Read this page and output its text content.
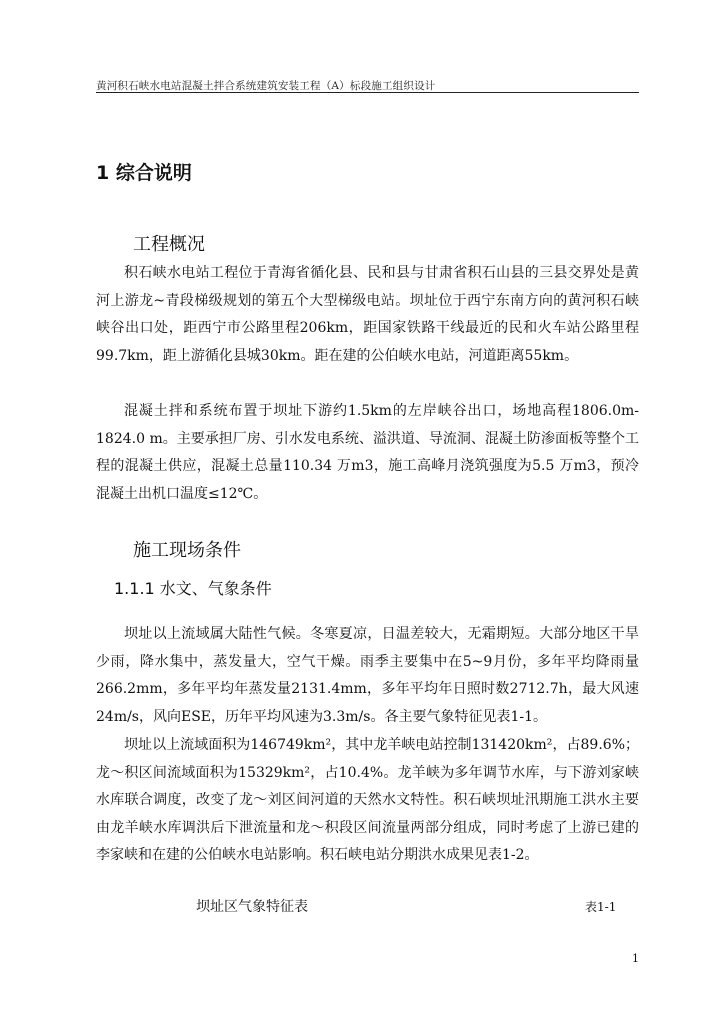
黄河积石峡水电站混凝土拌合系统建筑安装工程（A）标段施工组织设计
1 综合说明
工程概况

积石峡水电站工程位于青海省循化县、民和县与甘肃省积石山县的三县交界处是黄河上游龙~青段梯级规划的第五个大型梯级电站。坝址位于西宁东南方向的黄河积石峡峡谷出口处，距西宁市公路里程206km，距国家铁路干线最近的民和火车站公路里程99.7km，距上游循化县城30km。距在建的公伯峡水电站，河道距离55km。

混凝土拌和系统布置于坝址下游约1.5km的左岸峡谷出口，场地高程1806.0m-1824.0 m。主要承担厂房、引水发电系统、溢洪道、导流洞、混凝土防渗面板等整个工程的混凝土供应，混凝土总量110.34 万m3，施工高峰月浇筑强度为5.5 万m3，预冷混凝土出机口温度≤12℃。

施工现场条件
1.1.1 水文、气象条件

坝址以上流域属大陆性气候。冬寒夏凉，日温差较大，无霜期短。大部分地区干旱少雨，降水集中，蒸发量大，空气干燥。雨季主要集中在5~9月份，多年平均降雨量266.2mm，多年平均年蒸发量2131.4mm，多年平均年日照时数2712.7h，最大风速24m/s，风向ESE，历年平均风速为3.3m/s。各主要气象特征见表1-1。

坝址以上流域面积为146749km²，其中龙羊峡电站控制131420km²，占89.6%；龙～积区间流域面积为15329km²，占10.4%。龙羊峡为多年调节水库，与下游刘家峡水库联合调度，改变了龙～刘区间河道的天然水文特性。积石峡坝址汛期施工洪水主要由龙羊峡水库调洪后下泄流量和龙～积段区间流量两部分组成，同时考虑了上游已建的李家峡和在建的公伯峡水电站影响。积石峡电站分期洪水成果见表1-2。

坝址区气象特征表	表1-1
1
